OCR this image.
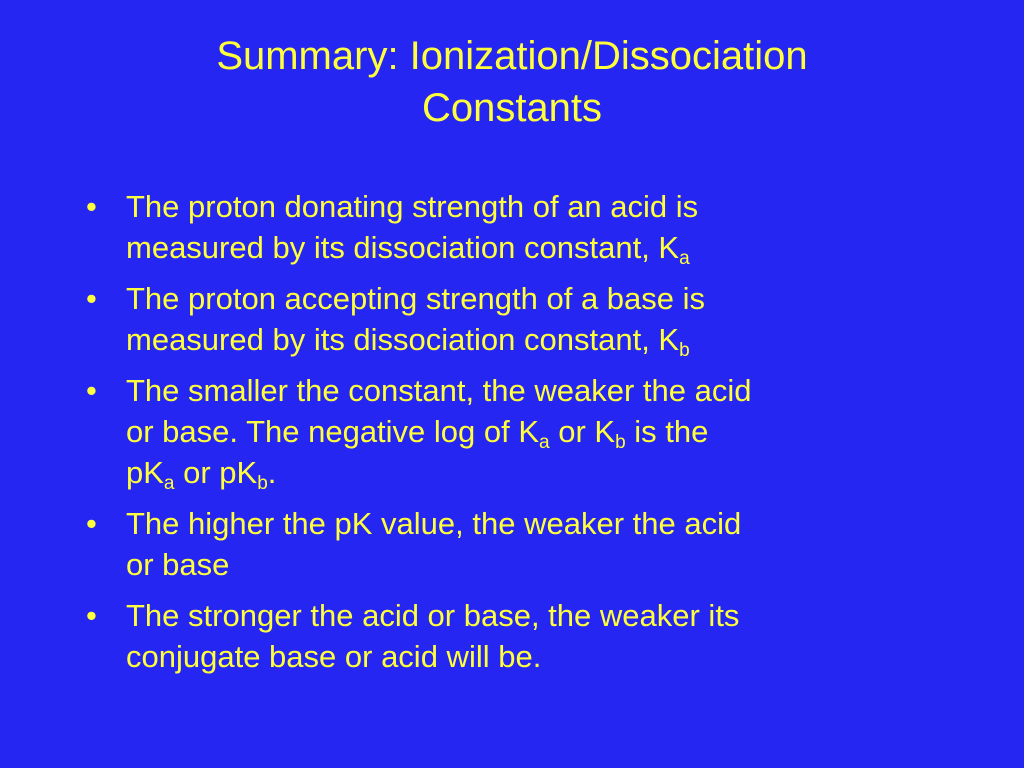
Summary: Ionization/Dissociation
Constants
• The proton donating strength of an acid is
measured by its dissociation constant, $K_a$
• The proton accepting strength of a base is
measured by its dissociation constant, $K_b$
• The smaller the constant, the weaker the acid
or base. The negative log of $K_a$ or $K_b$ is the
$pK_a$ or $pK_b$.
• The higher the pK value, the weaker the acid
or base
• The stronger the acid or base, the weaker its
conjugate base or acid will be.
